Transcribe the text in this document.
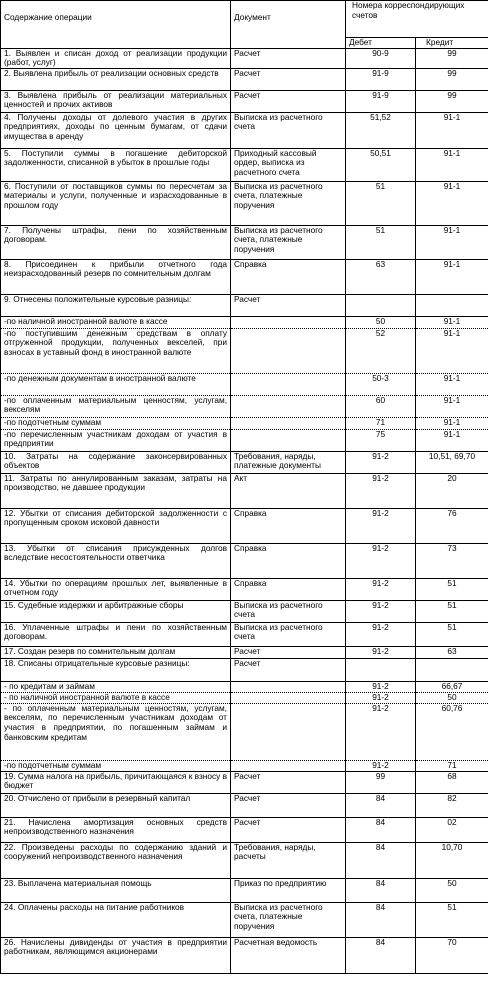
Содержание операции	Документ	Номера корреспондирующих счетов	
		Дебет	Кредит
1. Выявлен и списан доход от реализации продукции (работ, услуг)	Расчет	90-9	99
2. Выявлена прибыль от реализации основных средств	Расчет	91-9	99
3. Выявлена прибыль от реализации материальных ценностей и прочих активов	Расчет	91-9	99
4. Получены доходы от долевого участия в других предприятиях, доходы по ценным бумагам, от сдачи имущества в аренду	Выписка из расчетного счета	51,52	91-1
5. Поступили суммы в погашение дебиторской задолженности, списанной в убыток в прошлые годы	Приходный кассовый ордер, выписка из расчетного счета	50,51	91-1
6. Поступили от поставщиков суммы по пересчетам за материалы и услуги, полученные и израсходованные в прошлом году	Выписка из расчетного счета, платежные поручения	51	91-1
7. Получены штрафы, пени по хозяйственным договорам.	Выписка из расчетного счета, платежные поручения	51	91-1
8. Присоединен к прибыли отчетного года неизрасходованный резерв по сомнительным долгам	Справка	63	91-1
9. Отнесены положительные курсовые разницы:	Расчет		
-по наличной иностранной валюте в кассе		50	91-1
-по поступившим денежным средствам в оплату отгруженной продукции, полученных векселей, при взносах в уставный фонд в иностранной валюте		52	91-1
-по денежным документам в иностранной валюте		50-3	91-1
-по оплаченным материальным ценностям, услугам, векселям		60	91-1
-по подотчетным суммам		71	91-1
-по перечисленным участникам доходам от участия в предприятии		75	91-1
10. Затраты на содержание законсервированных объектов	Требования, наряды, платежные документы	91-2	10,51, 69,70
11. Затраты по аннулированным заказам, затраты на производство, не давшее продукции	Акт	91-2	20
12. Убытки от списания дебиторской задолженности с пропущенным сроком исковой давности	Справка	91-2	76
13. Убытки от списания присужденных долгов вследствие несостоятельности ответчика	Справка	91-2	73
14. Убытки по операциям прошлых лет, выявленные в отчетном году	Справка	91-2	51
15. Судебные издержки и арбитражные сборы	Выписка из расчетного счета	91-2	51
16. Уплаченные штрафы и пени по хозяйственным договорам.	Выписка из расчетного счета	91-2	51
17. Создан резерв по сомнительным долгам	Расчет	91-2	63
18. Списаны отрицательные курсовые разницы:	Расчет		
- по кредитам и займам		91-2	66,67
- по наличной иностранной валюте в кассе		91-2	50
- по оплаченным материальным ценностям, услугам, векселям, по перечисленным участникам доходам от участия в предприятии, по погашенным займам и банковским кредитам		91-2	60,76
-по подотчетным суммам		91-2	71
19. Сумма налога на прибыль, причитающаяся к взносу в бюджет	Расчет	99	68
20. Отчислено от прибыли в резервный капитал	Расчет	84	82
21. Начислена амортизация основных средств непроизводственного назначения	Расчет	84	02
22. Произведены расходы по содержанию зданий и сооружений непроизводственного назначения	Требования, наряды, расчеты	84	10,70
23. Выплачена материальная помощь	Приказ по предприятию	84	50
24. Оплачены расходы на питание работников	Выписка из расчетного счета, платежные поручения	84	51
26. Начислены дивиденды от участия в предприятии работникам, являющимся акционерами	Расчетная ведомость	84	70
